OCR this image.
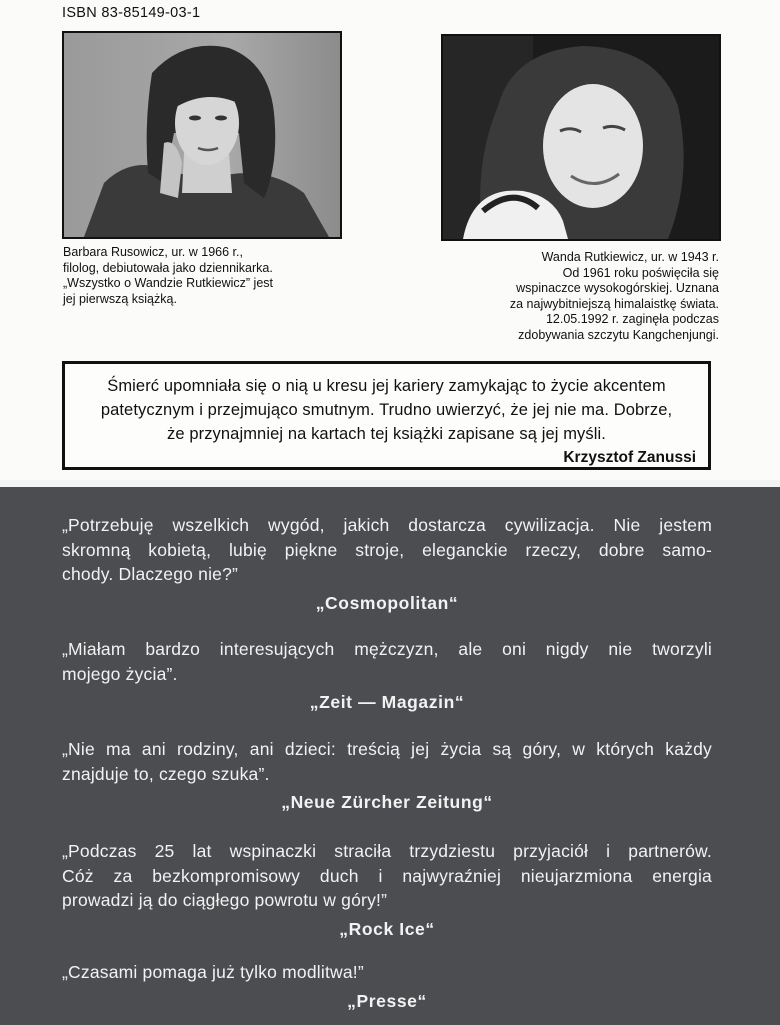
ISBN 83-85149-03-1
Barbara Rusowicz, ur. w 1966 r.,
filolog, debiutowała jako dziennikarka.
„Wszystko o Wandzie Rutkiewicz” jest
jej pierwszą książką.
Wanda Rutkiewicz, ur. w 1943 r.
Od 1961 roku poświęciła się
wspinaczce wysokogórskiej. Uznana
za najwybitniejszą himalaistkę świata.
12.05.1992 r. zaginęła podczas
zdobywania szczytu Kangchenjungi.
Śmierć upomniała się o nią u kresu jej kariery zamykając to życie akcentem
patetycznym i przejmująco smutnym. Trudno uwierzyć, że jej nie ma. Dobrze,
że przynajmniej na kartach tej książki zapisane są jej myśli.
Krzysztof Zanussi
„Potrzebuję wszelkich wygód, jakich dostarcza cywilizacja. Nie jestem
skromną kobietą, lubię piękne stroje, eleganckie rzeczy, dobre samo-
chody. Dlaczego nie?”
„Cosmopolitan“
„Miałam bardzo interesujących mężczyzn, ale oni nigdy nie tworzyli
mojego życia”.
„Zeit — Magazin“
„Nie ma ani rodziny, ani dzieci: treścią jej życia są góry, w których każdy
znajduje to, czego szuka”.
„Neue Zürcher Zeitung“
„Podczas 25 lat wspinaczki straciła trzydziestu przyjaciół i partnerów.
Cóż za bezkompromisowy duch i najwyraźniej nieujarzmiona energia
prowadzi ją do ciągłego powrotu w góry!”
„Rock Ice“
„Czasami pomaga już tylko modlitwa!”
„Presse“
